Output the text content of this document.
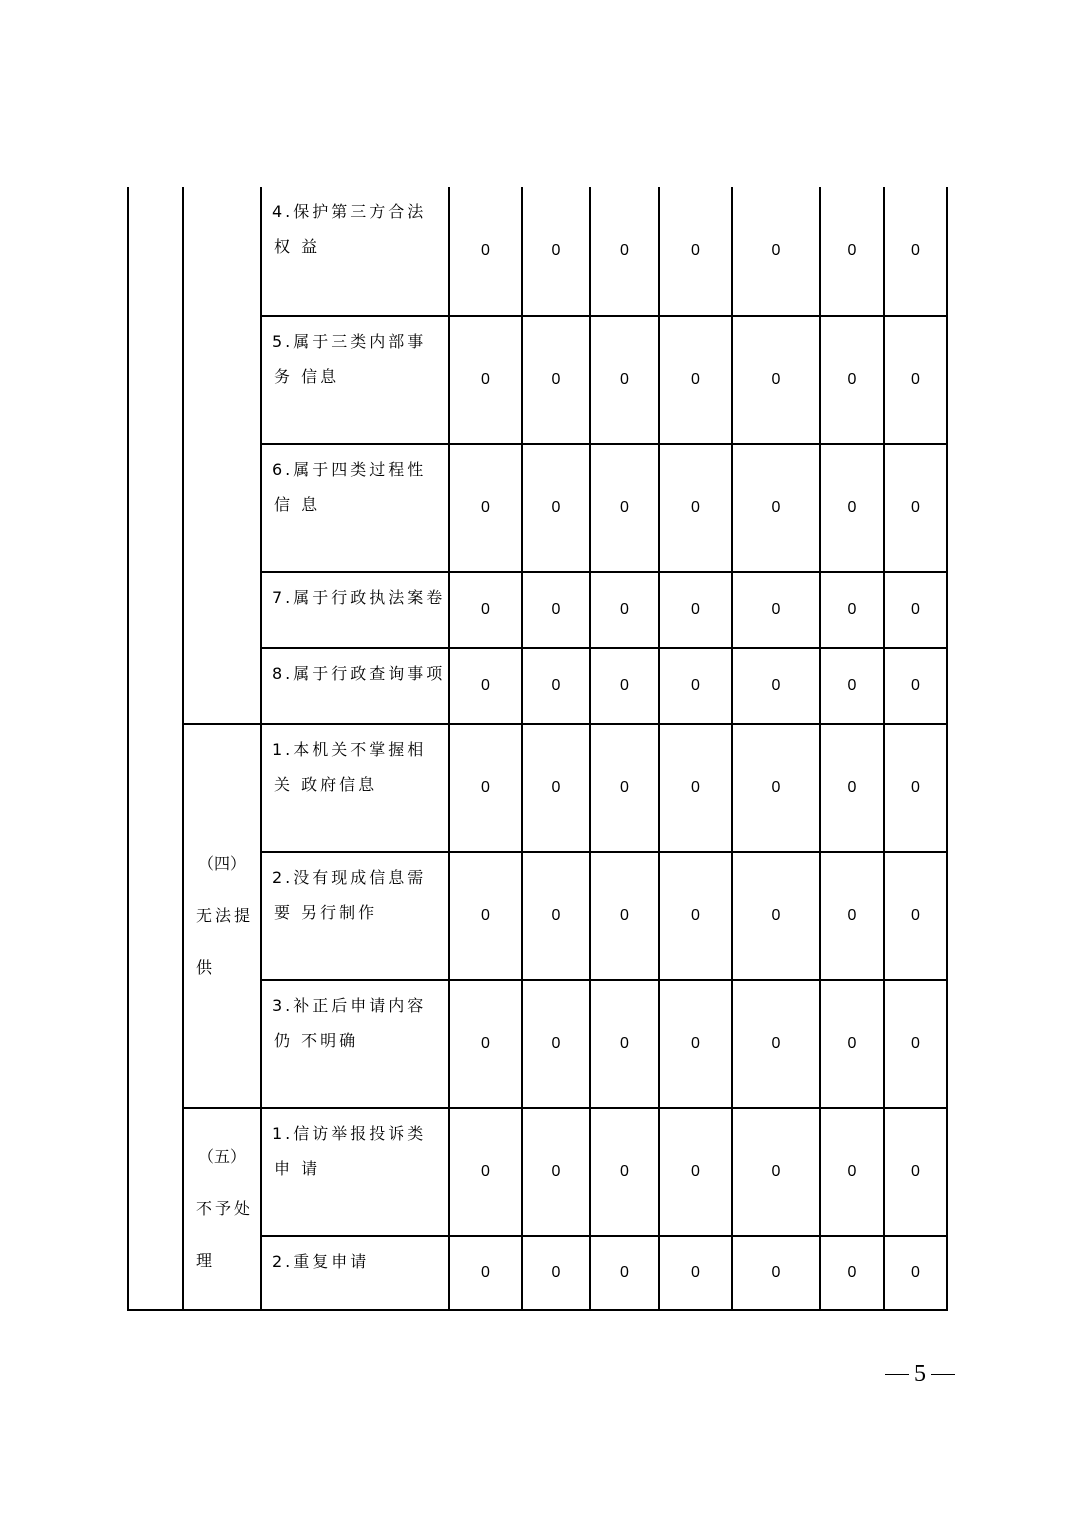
		4.保护第三方合法
权 益	0	0	0	0	0	0	0

		5.属于三类内部事
务 信息	0	0	0	0	0	0	0

		6.属于四类过程性
信 息	0	0	0	0	0	0	0

		7.属于行政执法案卷	0	0	0	0	0	0	0

		8.属于行政查询事项	0	0	0	0	0	0	0

	（四）
无法提
供	1.本机关不掌握相
关 政府信息	0	0	0	0	0	0	0

		2.没有现成信息需
要 另行制作	0	0	0	0	0	0	0

		3.补正后申请内容
仍 不明确	0	0	0	0	0	0	0

	（五）
不予处
理	1.信访举报投诉类
申 请	0	0	0	0	0	0	0

		2.重复申请	0	0	0	0	0	0	0
5
